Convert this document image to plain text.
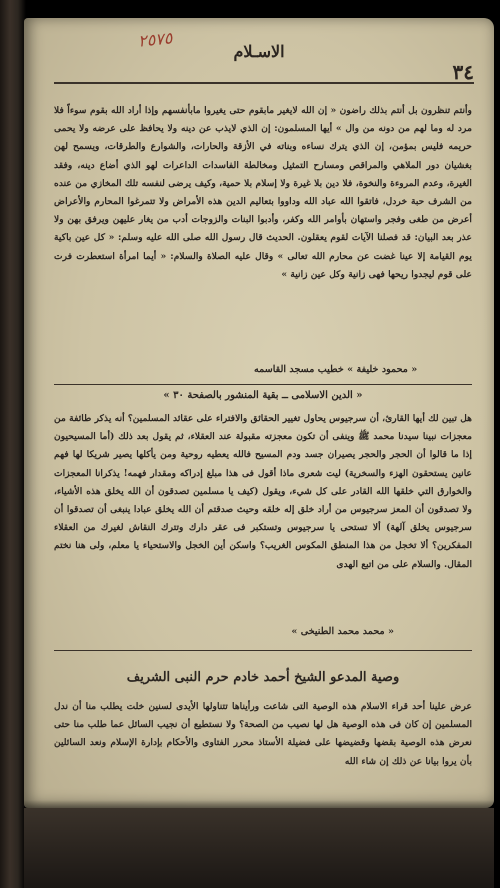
٢٥٧٥
الاسـلام
٣٤
وأنتم تنظرون بل أنتم بذلك راضون « إن الله لايغير مابقوم حتى يغيروا مابأنفسهم وإذا أراد الله بقوم سوءاً فلا مرد له وما لهم من دونه من وال » أيها المسلمون: إن الذي لايذب عن دينه ولا يحافظ على عرضه ولا يحمى حريمه فليس بمؤمن، إن الذي يترك نساءه وبناته في الأزقة والحارات، والشوارع والطرقات، ويسمح لهن بغشيان دور الملاهي والمراقص ومسارح التمثيل ومخالطة الفاسدات الداعرات لهو الذي أضاع دينه، وفقد الغيرة، وعدم المروءة والنخوة، فلا دين بلا غيرة ولا إسلام بلا حمية، وكيف يرضى لنفسه تلك المخازي من عنده من الشرف حبة خردل، فاتقوا الله عباد الله وداووا بتعاليم الدين هذه الأمراض ولا تتمرغوا المحارم والأعراض أعرض من طغى وفجر واستهان بأوامر الله وكفر، وأدبوا البنات والزوجات أدب من يغار عليهن ويرفق بهن ولا عذر بعد البيان: قد فصلنا الآيات لقوم يعقلون. الحديث قال رسول الله صلى الله عليه وسلم: « كل عين باكية يوم القيامة إلا عينا غضت عن محارم الله تعالى » وقال عليه الصلاة والسلام: « أيما امرأة استعطرت فرت على قوم ليجدوا ريحها فهى زانية وكل عين زانية »
« محمود خليفة » خطيب مسجد القاسمه
« الدين الاسلامى ــ بقية المنشور بالصفحة ٣٠ »
هل تبين لك أيها القارئ، أن سرجيوس يحاول تغيير الحقائق والافتراء على عقائد المسلمين؟ أنه يذكر طائفة من معجزات نبينا سيدنا محمد ﷺ وينفى أن تكون معجزته مقبولة عند العقلاء، ثم يقول بعد ذلك (أما المسيحيون إذا ما قالوا أن الحجر والحجر يصيران جسد ودم المسيح فالله يعطيه روحية ومن يأكلها يصير شريكا لها فهم عانين يستحقون الهزء والسخرية) ليت شعرى ماذا أقول فى هذا مبلغ إدراكه ومقدار فهمه! يذكرانا المعجزات والخوارق التي خلقها الله القادر على كل شيء، ويقول (كيف يا مسلمين تصدقون أن الله يخلق هذه الأشياء، ولا تصدقون أن المعز سرجيوس من أراد خلق إله خلقه وحيث صدقتم أن الله يخلق عبادا ينبغى أن تصدقوا أن سرجيوس يخلق آلهة) ألا تستحى يا سرجيوس وتستكبر فى عقر دارك وتترك النقاش لغيرك من العقلاء المفكرين؟ ألا تخجل من هذا المنطق المكوس الغريب؟ واسكن أين الخجل والاستحياء يا معلم، ولى هنا نختم المقال. والسلام على من اتبع الهدى
« محمد محمد الطنيخى »
وصية المدعو الشيخ أحمد خادم حرم النبى الشريف
عرض علينا أحد قراء الاسلام هذه الوصية التى شاعت ورأيناها تتناولها الأيدى لسنين خلت يطلب منا أن ندل المسلمين إن كان فى هذه الوصية هل لها نصيب من الصحة؟ ولا نستطيع أن نجيب السائل عما طلب منا حتى نعرض هذه الوصية بقضها وقضيضها على فضيلة الأستاذ محرر الفتاوى والأحكام بإدارة الإسلام ونعد السائلين بأن يروا بيانا عن ذلك إن شاء الله
